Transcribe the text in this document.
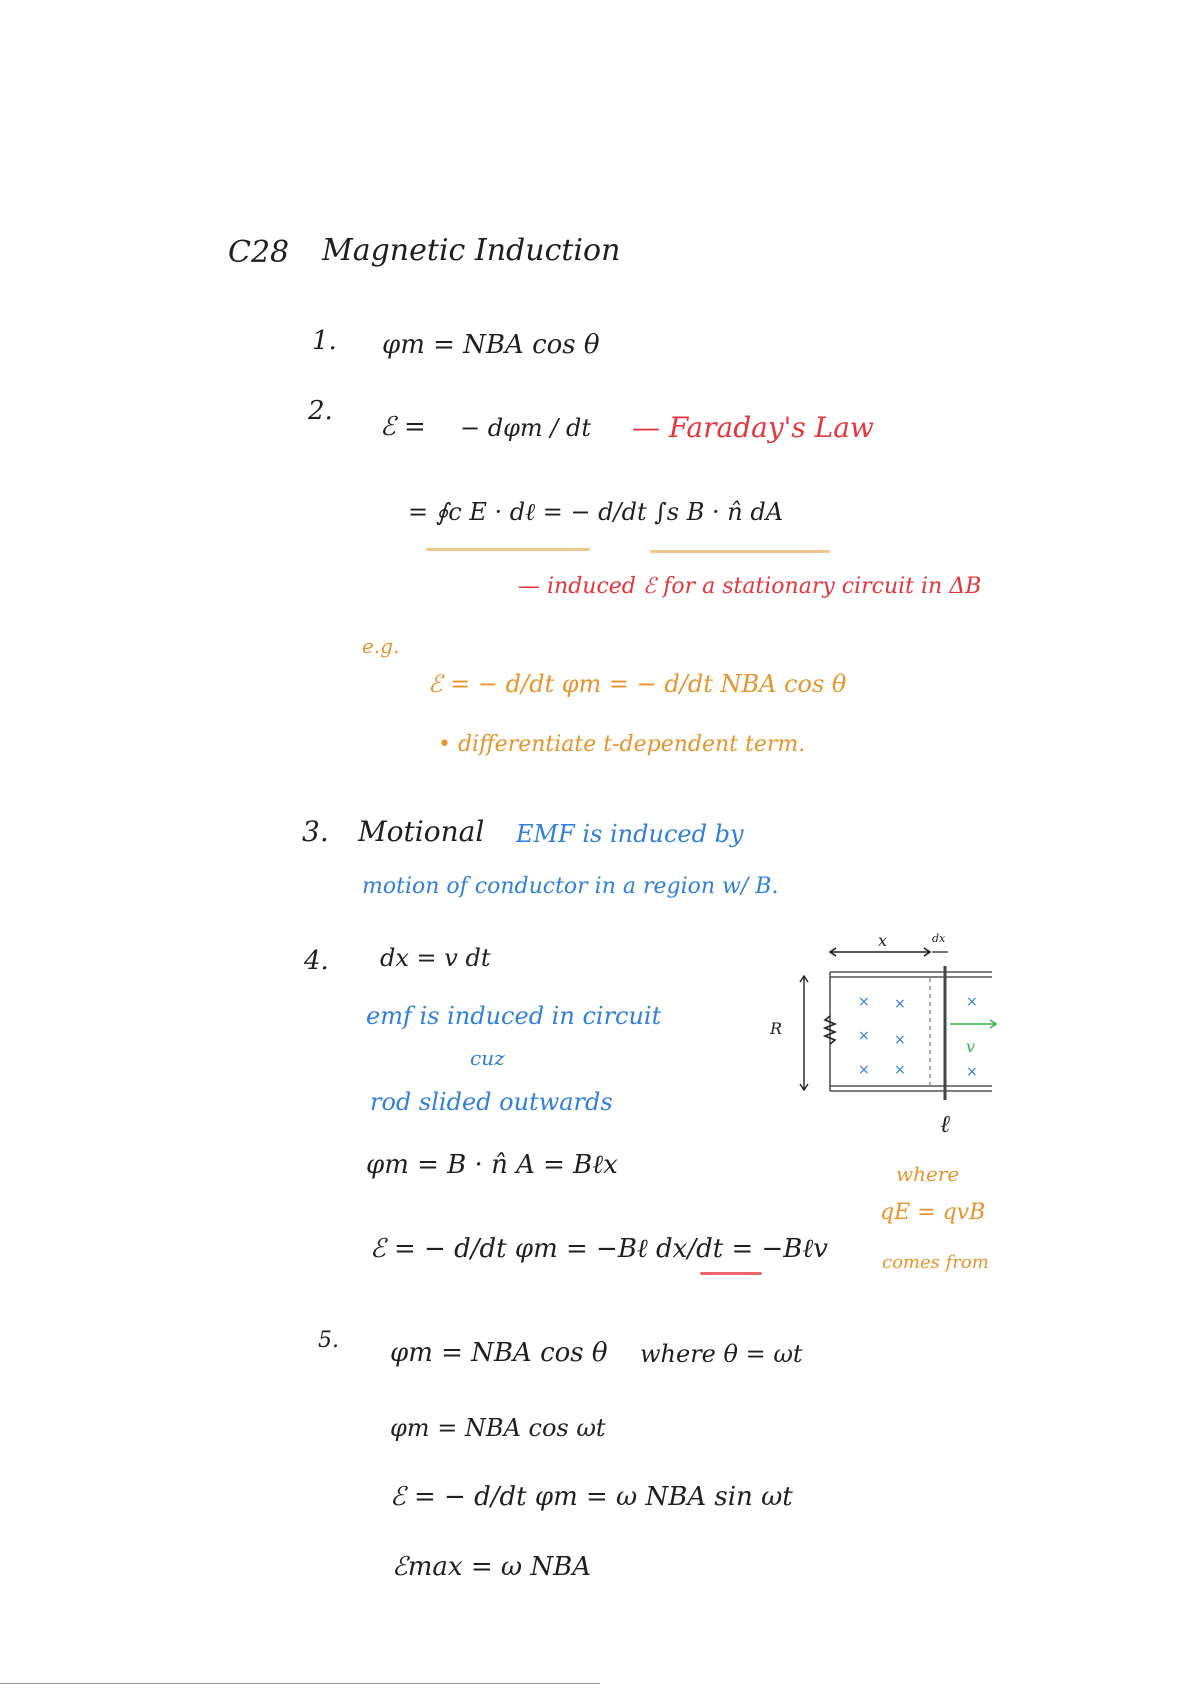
C28 Magnetic Induction
1. φm = NBA cos θ
2.
ℰ = − dφm / dt — Faraday's Law
= ∮c E · dℓ = − d/dt ∫s B · n̂ dA
— induced ℰ for a stationary circuit in ΔB
e.g.
ℰ = − d/dt φm = − d/dt NBA cos θ
• differentiate t-dependent term.
3. Motional EMF is induced by
motion of conductor in a region w/ B.
4. dx = v dt
emf is induced in circuit
cuz
rod slided outwards
φm = B · n̂ A = Bℓx
ℰ = − d/dt φm = −Bℓ dx/dt = −Bℓv
x	dx
R
× ×	×
× ×
× ×	×
v
ℓ
where
qE = qvB
comes from
5. φm = NBA cos θ where θ = ωt
φm = NBA cos ωt
ℰ = − d/dt φm = ω NBA sin ωt
ℰmax = ω NBA
